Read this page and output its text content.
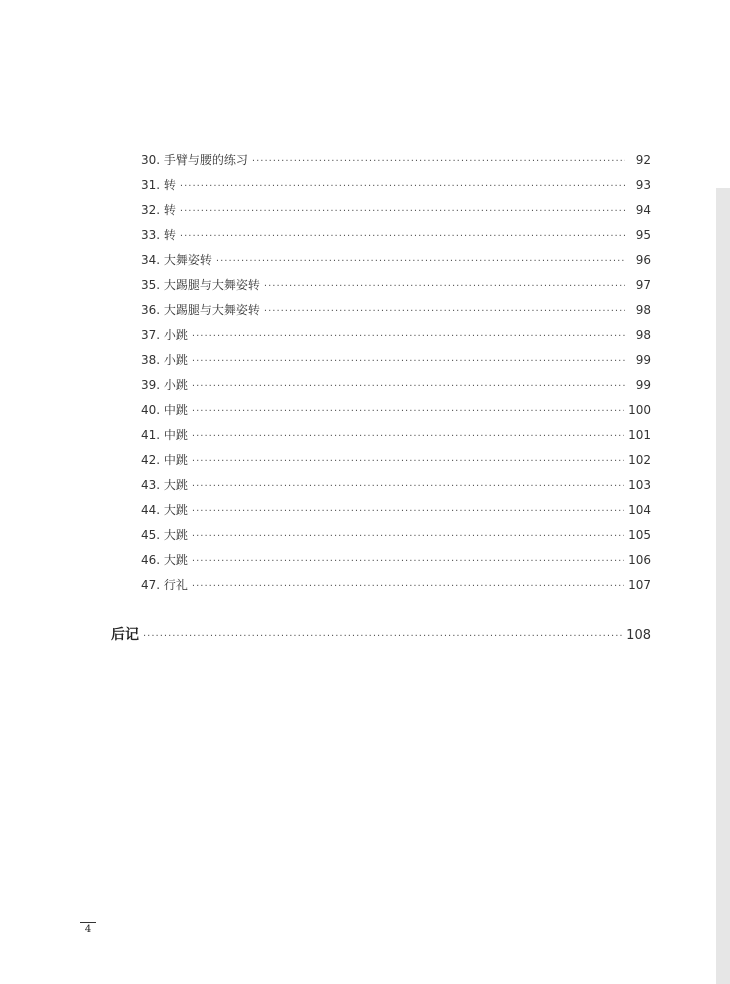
30. 手臂与腰的练习 ·····	92
31. 转 ·····	93
32. 转 ·····	94
33. 转 ·····	95
34. 大舞姿转 ·····	96
35. 大踢腿与大舞姿转 ·····	97
36. 大踢腿与大舞姿转 ·····	98
37. 小跳 ·····	98
38. 小跳 ·····	99
39. 小跳 ·····	99
40. 中跳 ·····	100
41. 中跳 ·····	101
42. 中跳 ·····	102
43. 大跳 ·····	103
44. 大跳 ·····	104
45. 大跳 ·····	105
46. 大跳 ·····	106
47. 行礼 ·····	107
后记 ·····	108
4
